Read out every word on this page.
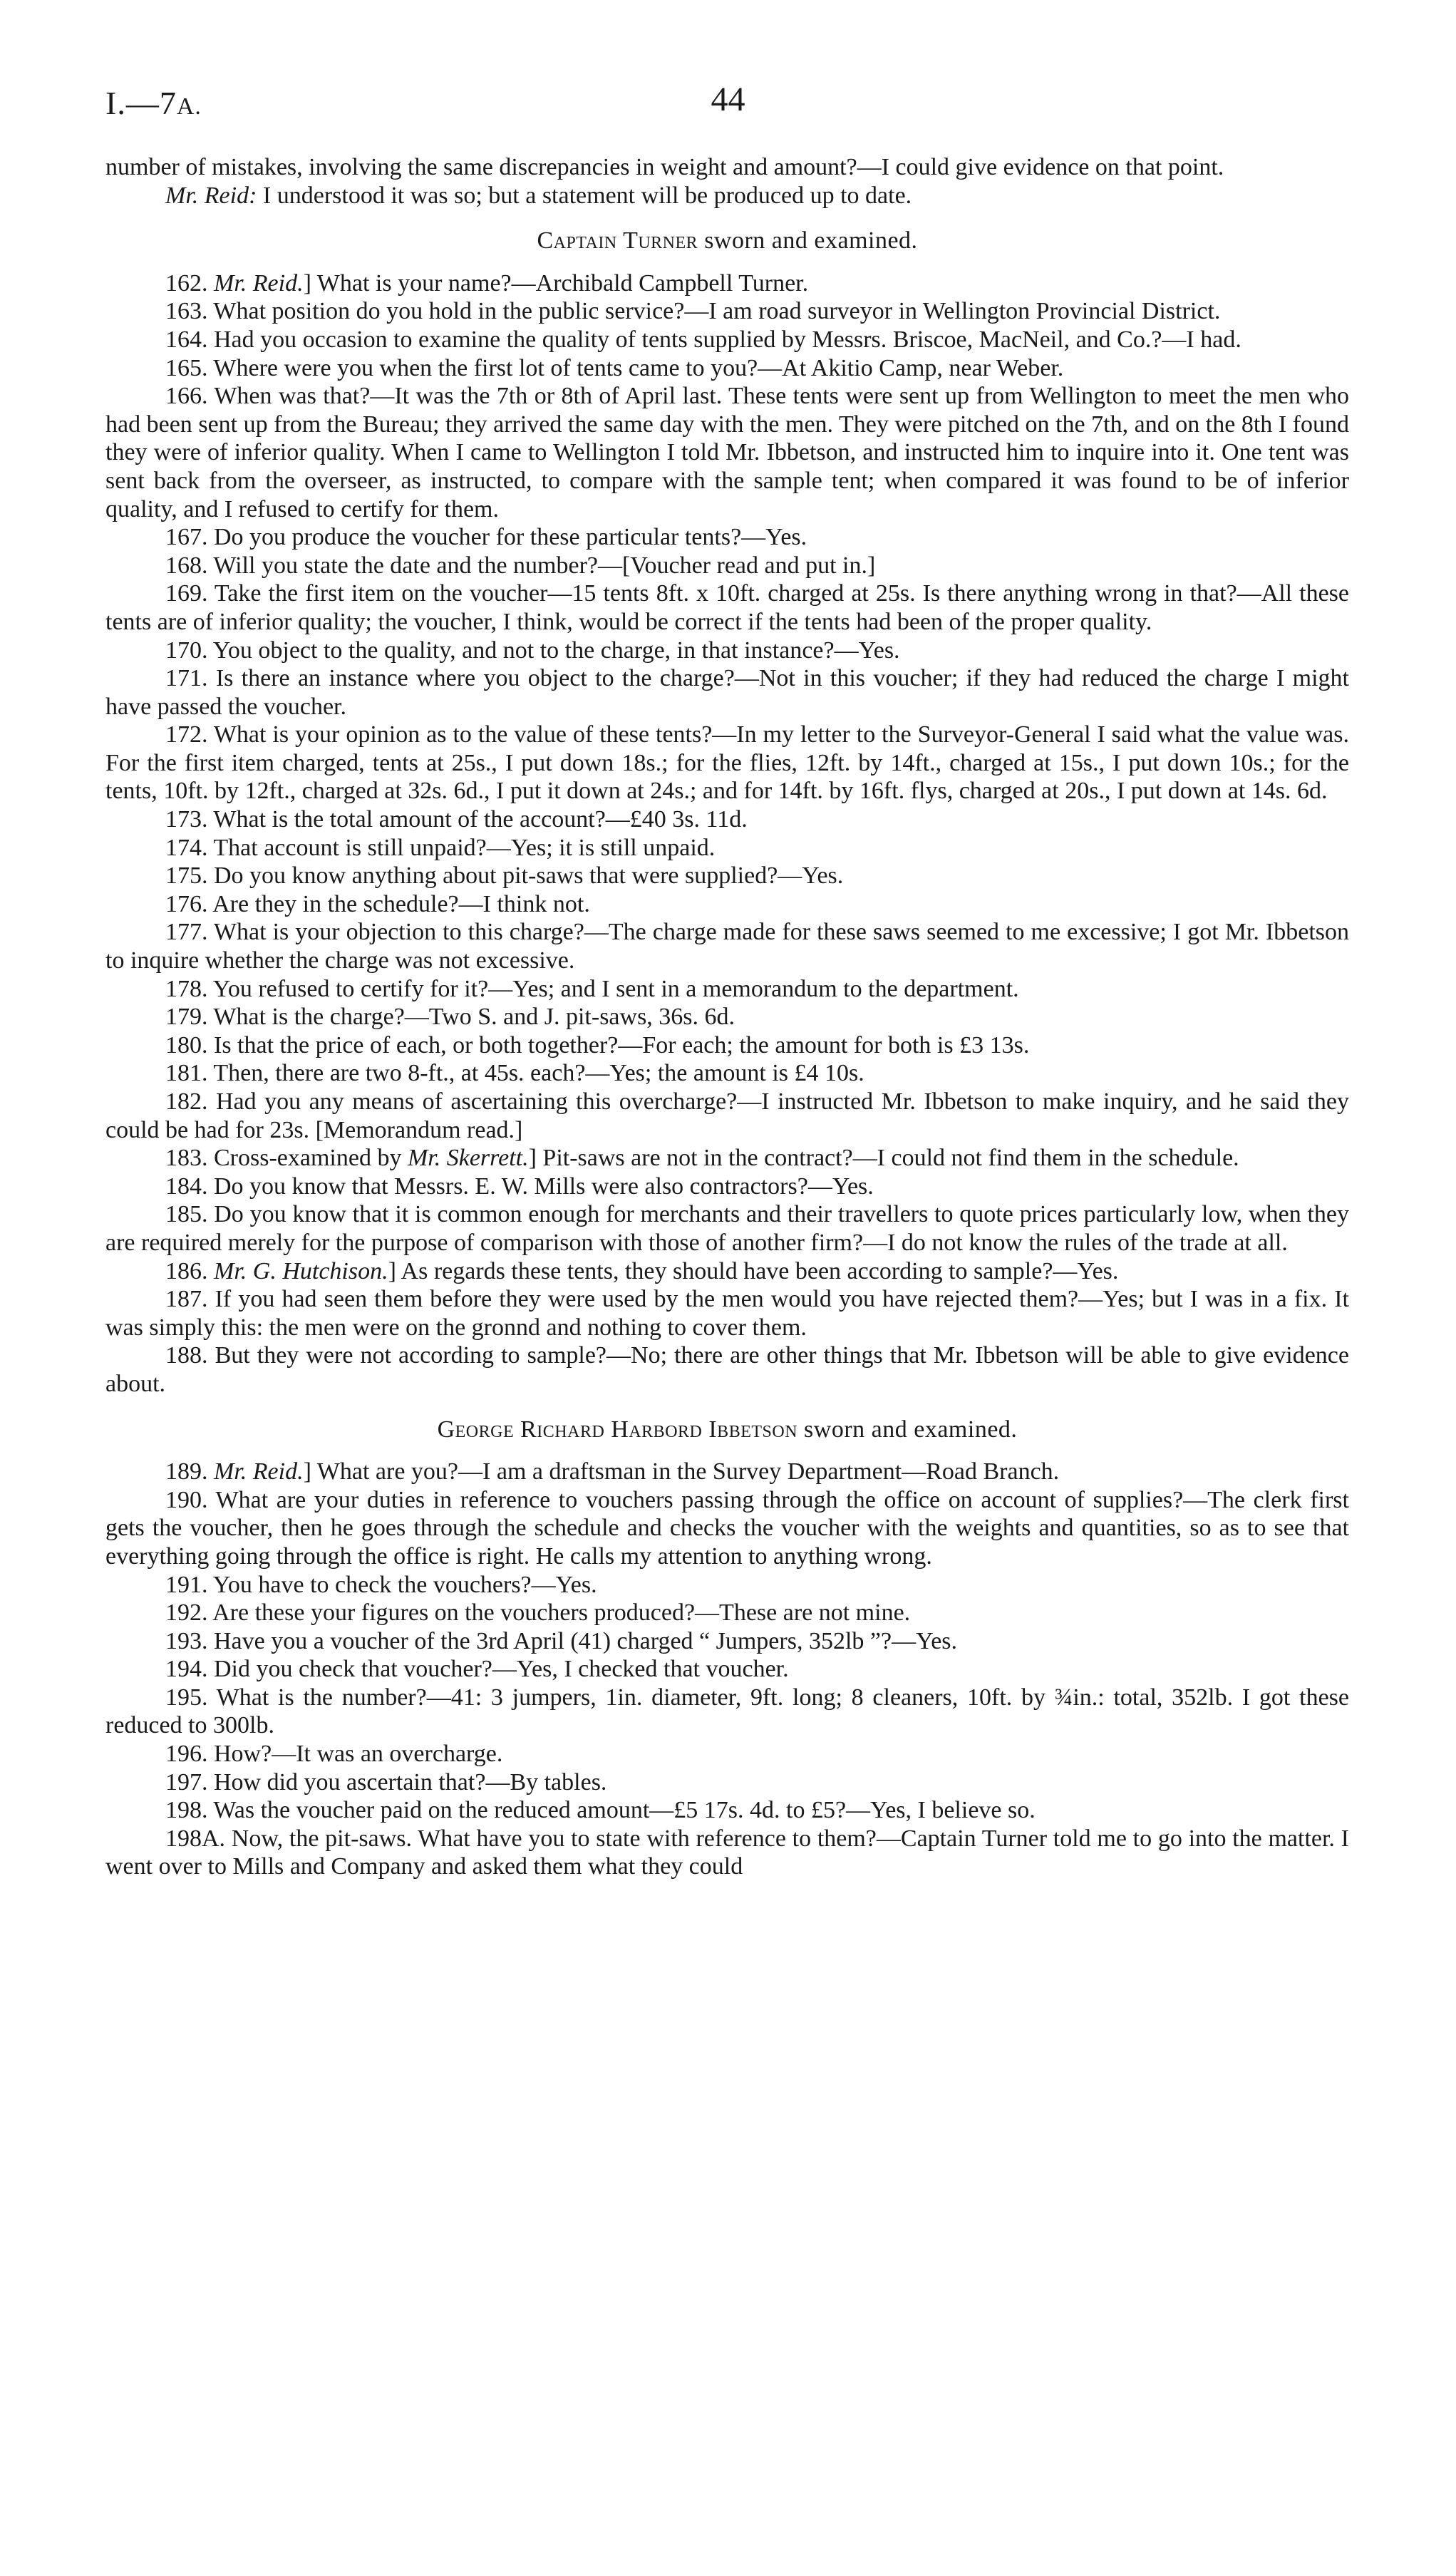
I.—7A.	44

number of mistakes, involving the same discrepancies in weight and amount?—I could give evidence on that point.

Mr. Reid: I understood it was so; but a statement will be produced up to date.

Captain Turner sworn and examined.

162. Mr. Reid.] What is your name?—Archibald Campbell Turner.

163. What position do you hold in the public service?—I am road surveyor in Wellington Provincial District.

164. Had you occasion to examine the quality of tents supplied by Messrs. Briscoe, MacNeil, and Co.?—I had.

165. Where were you when the first lot of tents came to you?—At Akitio Camp, near Weber.

166. When was that?—It was the 7th or 8th of April last. These tents were sent up from Wellington to meet the men who had been sent up from the Bureau; they arrived the same day with the men. They were pitched on the 7th, and on the 8th I found they were of inferior quality. When I came to Wellington I told Mr. Ibbetson, and instructed him to inquire into it. One tent was sent back from the overseer, as instructed, to compare with the sample tent; when compared it was found to be of inferior quality, and I refused to certify for them.

167. Do you produce the voucher for these particular tents?—Yes.

168. Will you state the date and the number?—[Voucher read and put in.]

169. Take the first item on the voucher—15 tents 8ft. x 10ft. charged at 25s. Is there anything wrong in that?—All these tents are of inferior quality; the voucher, I think, would be correct if the tents had been of the proper quality.

170. You object to the quality, and not to the charge, in that instance?—Yes.

171. Is there an instance where you object to the charge?—Not in this voucher; if they had reduced the charge I might have passed the voucher.

172. What is your opinion as to the value of these tents?—In my letter to the Surveyor-General I said what the value was. For the first item charged, tents at 25s., I put down 18s.; for the flies, 12ft. by 14ft., charged at 15s., I put down 10s.; for the tents, 10ft. by 12ft., charged at 32s. 6d., I put it down at 24s.; and for 14ft. by 16ft. flys, charged at 20s., I put down at 14s. 6d.

173. What is the total amount of the account?—£40 3s. 11d.

174. That account is still unpaid?—Yes; it is still unpaid.

175. Do you know anything about pit-saws that were supplied?—Yes.

176. Are they in the schedule?—I think not.

177. What is your objection to this charge?—The charge made for these saws seemed to me excessive; I got Mr. Ibbetson to inquire whether the charge was not excessive.

178. You refused to certify for it?—Yes; and I sent in a memorandum to the department.

179. What is the charge?—Two S. and J. pit-saws, 36s. 6d.

180. Is that the price of each, or both together?—For each; the amount for both is £3 13s.

181. Then, there are two 8-ft., at 45s. each?—Yes; the amount is £4 10s.

182. Had you any means of ascertaining this overcharge?—I instructed Mr. Ibbetson to make inquiry, and he said they could be had for 23s. [Memorandum read.]

183. Cross-examined by Mr. Skerrett.] Pit-saws are not in the contract?—I could not find them in the schedule.

184. Do you know that Messrs. E. W. Mills were also contractors?—Yes.

185. Do you know that it is common enough for merchants and their travellers to quote prices particularly low, when they are required merely for the purpose of comparison with those of another firm?—I do not know the rules of the trade at all.

186. Mr. G. Hutchison.] As regards these tents, they should have been according to sample?—Yes.

187. If you had seen them before they were used by the men would you have rejected them?—Yes; but I was in a fix. It was simply this: the men were on the gronnd and nothing to cover them.

188. But they were not according to sample?—No; there are other things that Mr. Ibbetson will be able to give evidence about.

George Richard Harbord Ibbetson sworn and examined.

189. Mr. Reid.] What are you?—I am a draftsman in the Survey Department—Road Branch.

190. What are your duties in reference to vouchers passing through the office on account of supplies?—The clerk first gets the voucher, then he goes through the schedule and checks the voucher with the weights and quantities, so as to see that everything going through the office is right. He calls my attention to anything wrong.

191. You have to check the vouchers?—Yes.

192. Are these your figures on the vouchers produced?—These are not mine.

193. Have you a voucher of the 3rd April (41) charged “ Jumpers, 352lb ”?—Yes.

194. Did you check that voucher?—Yes, I checked that voucher.

195. What is the number?—41: 3 jumpers, 1in. diameter, 9ft. long; 8 cleaners, 10ft. by ¾in.: total, 352lb. I got these reduced to 300lb.

196. How?—It was an overcharge.

197. How did you ascertain that?—By tables.

198. Was the voucher paid on the reduced amount—£5 17s. 4d. to £5?—Yes, I believe so.

198A. Now, the pit-saws. What have you to state with reference to them?—Captain Turner told me to go into the matter. I went over to Mills and Company and asked them what they could
